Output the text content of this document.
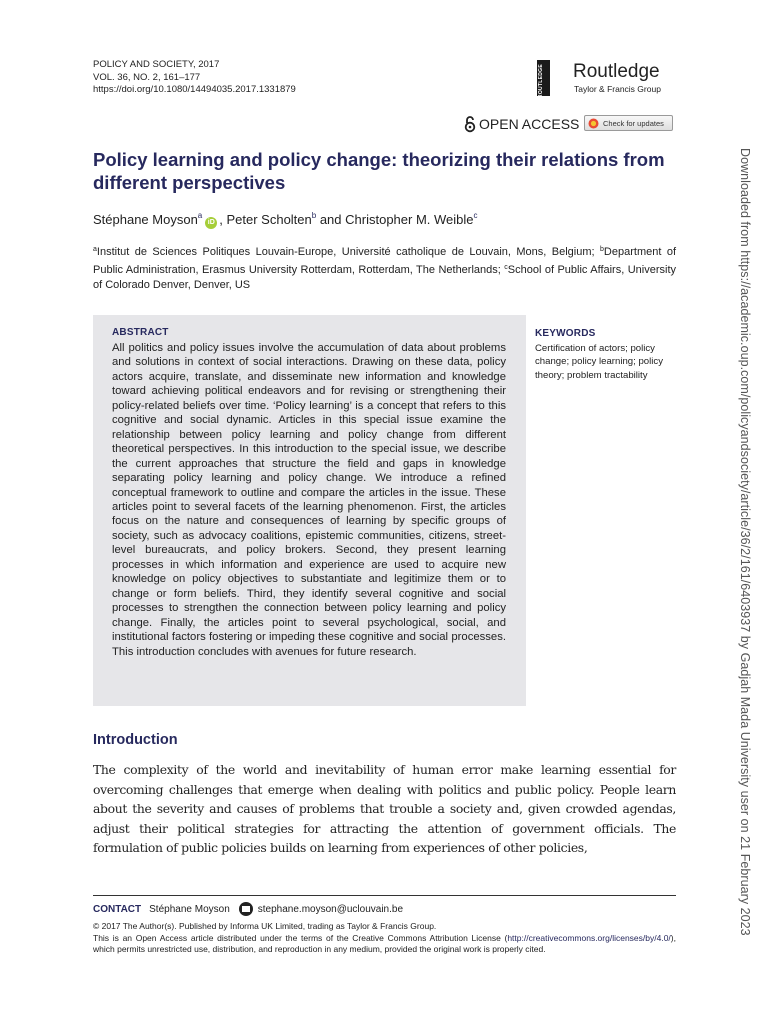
POLICY AND SOCIETY, 2017
VOL. 36, NO. 2, 161–177
https://doi.org/10.1080/14494035.2017.1331879	ROUTLEDGE Routledge
Taylor & Francis Group
OPEN ACCESS	Check for updates
Policy learning and policy change: theorizing their relations from different perspectives
Stéphane Moyson$^a$iD , Peter Scholten$^b$ and Christopher M. Weible$^c$

$^a$Institut de Sciences Politiques Louvain-Europe, Université catholique de Louvain, Mons, Belgium; $^b$Department of Public Administration, Erasmus University Rotterdam, Rotterdam, The Netherlands; $^c$School of Public Affairs, University of Colorado Denver, Denver, US

ABSTRACT

All politics and policy issues involve the accumulation of data about problems and solutions in context of social interactions. Drawing on these data, policy actors acquire, translate, and disseminate new information and knowledge toward achieving political endeavors and for revising or strengthening their policy-related beliefs over time. ‘Policy learning’ is a concept that refers to this cognitive and social dynamic. Articles in this special issue examine the relationship between policy learning and policy change from different theoretical perspectives. In this introduction to the special issue, we describe the current approaches that structure the field and gaps in knowledge separating policy learning and policy change. We introduce a refined conceptual framework to outline and compare the articles in the issue. These articles point to several facets of the learning phenomenon. First, the articles focus on the nature and consequences of learning by specific groups of society, such as advocacy coalitions, epistemic communities, citizens, street-level bureaucrats, and policy brokers. Second, they present learning processes in which information and experience are used to acquire new knowledge on policy objectives to substantiate and legitimize them or to change or form beliefs. Third, they identify several cognitive and social processes to strengthen the connection between policy learning and policy change. Finally, the articles point to several psychological, social, and institutional factors fostering or impeding these cognitive and social processes. This introduction concludes with avenues for future research.

KEYWORDS

Certification of actors; policy change; policy learning; policy theory; problem tractability

Introduction

The complexity of the world and inevitability of human error make learning essential for overcoming challenges that emerge when dealing with politics and public policy. People learn about the severity and causes of problems that trouble a society and, given crowded agendas, adjust their political strategies for attracting the attention of government officials. The formulation of public policies builds on learning from experiences of other policies,

CONTACT Stéphane Moyson	stephane.moyson@uclouvain.be

© 2017 The Author(s). Published by Informa UK Limited, trading as Taylor & Francis Group.

This is an Open Access article distributed under the terms of the Creative Commons Attribution License (http://creativecommons.org/licenses/by/4.0/), which permits unrestricted use, distribution, and reproduction in any medium, provided the original work is properly cited.

Downloaded from https://academic.oup.com/policyandsociety/article/36/2/161/6403937 by Gadjah Mada University user on 21 February 2023
